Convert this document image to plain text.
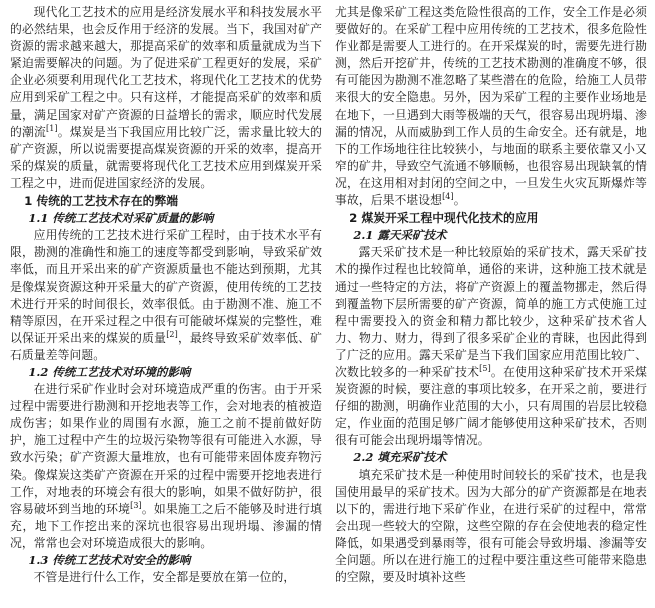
现代化工艺技术的应用是经济发展水平和科技发展水平的必然结果，也会反作用于经济的发展。当下，我国对矿产资源的需求越来越大，那提高采矿的效率和质量就成为当下紧迫需要解决的问题。为了促进采矿工程更好的发展，采矿企业必须要利用现代化工艺技术，将现代化工艺技术的优势应用到采矿工程之中。只有这样，才能提高采矿的效率和质量，满足国家对矿产资源的日益增长的需求，顺应时代发展的潮流[1]。煤炭是当下我国应用比较广泛，需求量比较大的矿产资源，所以说需要提高煤炭资源的开采的效率，提高开采的煤炭的质量，就需要将现代化工艺技术应用到煤炭开采工程之中，进而促进国家经济的发展。

1 传统的工艺技术存在的弊端
1.1 传统工艺技术对采矿质量的影响

应用传统的工艺技术进行采矿工程时，由于技术水平有限，勘测的准确性和施工的速度等都受到影响，导致采矿效率低，而且开采出来的矿产资源质量也不能达到预期，尤其是像煤炭资源这种开采量大的矿产资源，使用传统的工艺技术进行开采的时间很长，效率很低。由于勘测不准、施工不精等原因，在开采过程之中很有可能破坏煤炭的完整性，难以保证开采出来的煤炭的质量[2]，最终导致采矿效率低、矿石质量差等问题。

1.2 传统工艺技术对环境的影响

在进行采矿作业时会对环境造成严重的伤害。由于开采过程中需要进行勘测和开挖地表等工作，会对地表的植被造成伤害；如果作业的周围有水源，施工之前不提前做好防护，施工过程中产生的垃圾污染物等很有可能进入水源，导致水污染；矿产资源大量堆放，也有可能带来固体废弃物污染。像煤炭这类矿产资源在开采的过程中需要开挖地表进行工作，对地表的环境会有很大的影响，如果不做好防护，很容易破坏到当地的环境[3]。如果施工之后不能够及时进行填充，地下工作挖出来的深坑也很容易出现坍塌、渗漏的情况，常常也会对环境造成很大的影响。

1.3 传统工艺技术对安全的影响

不管是进行什么工作，安全都是要放在第一位的，

尤其是像采矿工程这类危险性很高的工作，安全工作是必须要做好的。在采矿工程中应用传统的工艺技术，很多危险性作业都是需要人工进行的。在开采煤炭的时，需要先进行勘测，然后开挖矿井，传统的工艺技术勘测的准确度不够，很有可能因为勘测不准忽略了某些潜在的危险，给施工人员带来很大的安全隐患。另外，因为采矿工程的主要作业场地是在地下，一旦遇到大雨等极端的天气，很容易出现坍塌、渗漏的情况，从而威胁到工作人员的生命安全。还有就是，地下的工作场地往往比较狭小，与地面的联系主要依靠又小又窄的矿井，导致空气流通不够顺畅，也很容易出现缺氧的情况，在这用相对封闭的空间之中，一旦发生火灾瓦斯爆炸等事故，后果不堪设想[4]。

2 煤炭开采工程中现代化技术的应用
2.1 露天采矿技术

露天采矿技术是一种比较原始的采矿技术，露天采矿技术的操作过程也比较简单，通俗的来讲，这种施工技术就是通过一些特定的方法，将矿产资源上的覆盖物挪走，然后得到覆盖物下层所需要的矿产资源，简单的施工方式使施工过程中需要投入的资金和精力都比较少，这种采矿技术省人力、物力、财力，得到了很多采矿企业的青睐，也因此得到了广泛的应用。露天采矿是当下我们国家应用范围比较广、次数比较多的一种采矿技术[5]。在使用这种采矿技术开采煤炭资源的时候，要注意的事项比较多，在开采之前，要进行仔细的勘测，明确作业范围的大小，只有周围的岩层比较稳定，作业面的范围足够广阔才能够使用这种采矿技术，否则很有可能会出现坍塌等情况。

2.2 填充采矿技术

填充采矿技术是一种使用时间较长的采矿技术，也是我国使用最早的采矿技术。因为大部分的矿产资源都是在地表以下的，需进行地下采矿作业，在进行采矿的过程中，常常会出现一些较大的空隙，这些空隙的存在会使地表的稳定性降低，如果遇受到暴雨等，很有可能会导致坍塌、渗漏等安全问题。所以在进行施工的过程中要注重这些可能带来隐患的空隙，要及时填补这些
